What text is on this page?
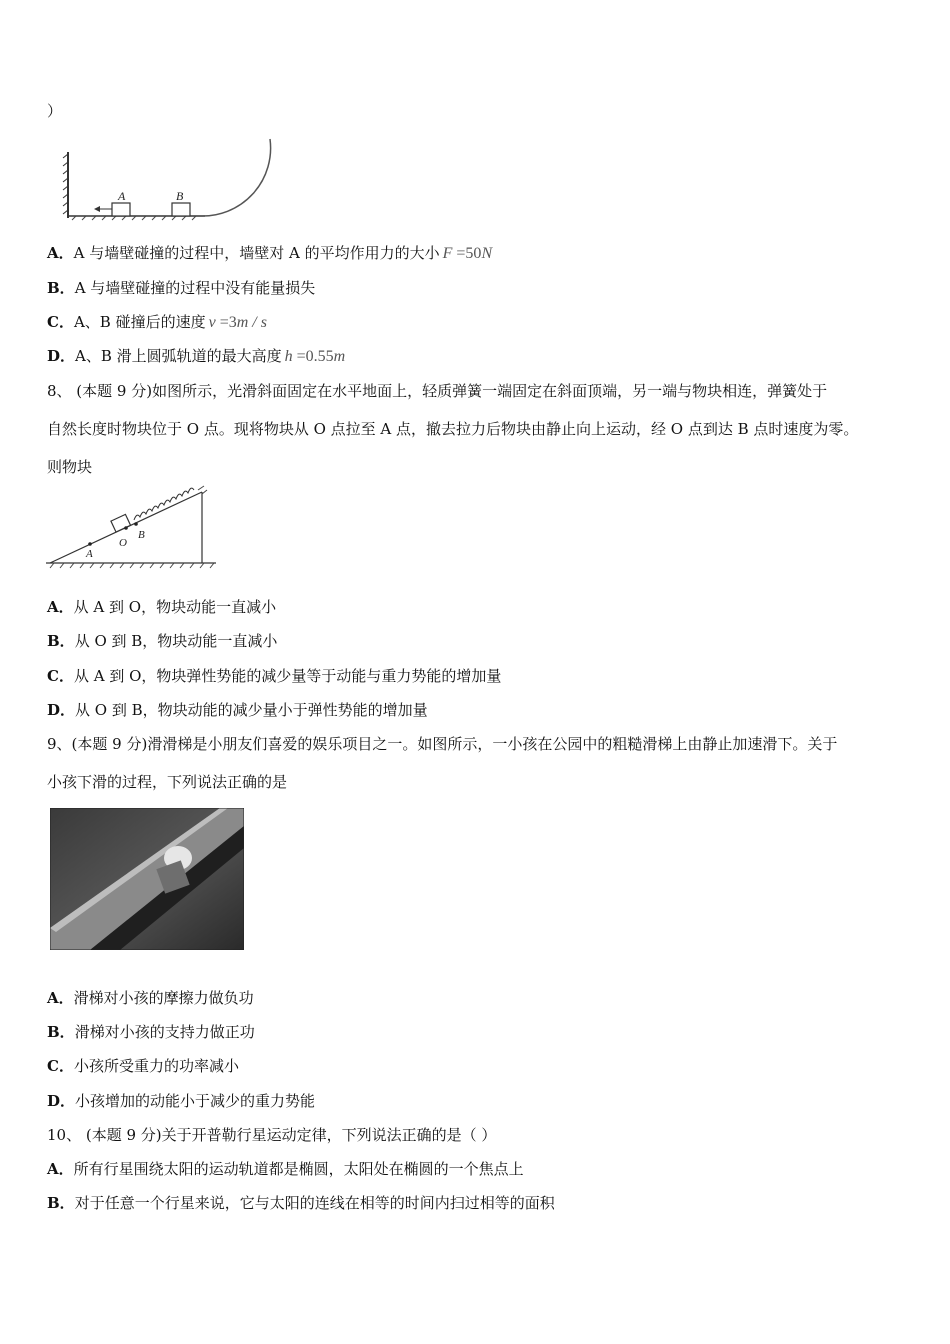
）
A	B
A．A 与墙壁碰撞的过程中，墙壁对 A 的平均作用力的大小 F =50N
B．A 与墙壁碰撞的过程中没有能量损失
C．A、B 碰撞后的速度 v =3m / s
D．A、B 滑上圆弧轨道的最大高度 h =0.55m
8、 (本题 9 分)如图所示，光滑斜面固定在水平地面上，轻质弹簧一端固定在斜面顶端，另一端与物块相连，弹簧处于
自然长度时物块位于 O 点。现将物块从 O 点拉至 A 点，撤去拉力后物块由静止向上运动，经 O 点到达 B 点时速度为零。
则物块
A
O
B
A．从 A 到 O，物块动能一直减小
B．从 O 到 B，物块动能一直减小
C．从 A 到 O，物块弹性势能的减少量等于动能与重力势能的增加量
D．从 O 到 B，物块动能的减少量小于弹性势能的增加量
9、(本题 9 分)滑滑梯是小朋友们喜爱的娱乐项目之一。如图所示，一小孩在公园中的粗糙滑梯上由静止加速滑下。关于
小孩下滑的过程，下列说法正确的是
A．滑梯对小孩的摩擦力做负功
B．滑梯对小孩的支持力做正功
C．小孩所受重力的功率减小
D．小孩增加的动能小于减少的重力势能
10、 (本题 9 分)关于开普勒行星运动定律，下列说法正确的是（ ）
A．所有行星围绕太阳的运动轨道都是椭圆，太阳处在椭圆的一个焦点上
B．对于任意一个行星来说，它与太阳的连线在相等的时间内扫过相等的面积
